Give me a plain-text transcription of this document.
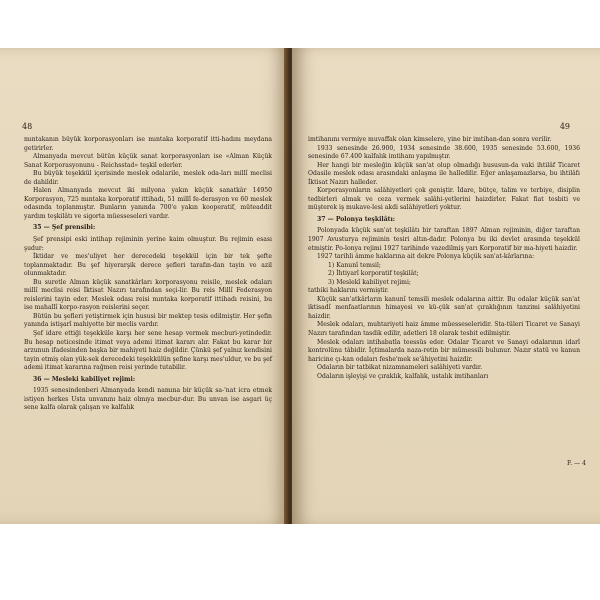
48

mıntakanın büyük korporasyonları ise mıntaka korporatif itti-hadını meydana getirirler.

Almanyada mevcut bütün küçük sanat korporasyonları ise «Alman Küçük Sanat Korporasyonunu - Reichsstad» teşkil ederler.

Bu büyük teşekkül içerisinde meslek odalarile, meslek oda-ları millî meclisi de dahildir.

Halen Almanyada mevcut iki milyona yakın küçük sanatkâr 14950 Korporasyon, 725 mıntaka korporatif ittihadı, 51 millî fe-derasyon ve 60 meslek odasında toplanmıştır. Bunların yanında 700'e yakın kooperatif, müteaddit yardım teşkilâtı ve sigorta müesseseleri vardır.

35 — Şef prensibi:

Şef prensipi eski intihap rejiminin yerine kaim olmuştur. Bu rejimin esası şudur:

İktidar ve mes'uliyet her derecedeki teşekkül için bir tek şefte toplanmaktadır. Bu şef hiyerarşik derece şefleri tarafın-dan tayin ve azil olunmaktadır.

Bu suretle Alman küçük sanatkârları korporasyonu reisile, meslek odaları millî meclisi reisi İktisat Nazırı tarafından seçi-lir. Bu reis Millî Federasyon reislerini tayin eder. Meslek odası reisi mıntaka korporatif ittihadı reisini, bu ise mahallî korpo-rasyon reislerini seçer.

Bütün bu şefleri yetiştirmek için hususi bir mektep tesis edilmiştir. Her şefin yanında istişarî mahiyette bir meclis vardır.

Şef idare ettiği teşekküle karşı her sene hesap vermek mecburi-yetindedir. Bu hesap neticesinde itimat veya ademi itimat kararı alır. Fakat bu karar bir arzunun ifadesinden başka bir mahiyeti haiz değildir. Çünkü şef yalnız kendisini tayin etmiş olan yük-sek derecedeki teşekkülün şefine karşı mes'uldur, ve bu şef ademi itimat kararına rağmen reisi yerinde tutabilir.

36 — Mesleki kabiliyet rejimi:

1935 senesindenberi Almanyada kendi namına bir küçük sa-'nat icra etmek istiyen herkes Usta unvanını haiz olmıya mecbur-dur. Bu unvan ise asgari üç sene kalfa olarak çalışan ve kalfalık

49

imtihanını vermiye muvaffak olan kimselere, yine bir imtihan-dan sonra verilir.

1933 senesinde 26.900, 1934 senesinde 38.600, 1935 senesinde 53.600, 1936 senesinde 67.400 kalfalık imtihanı yapılmıştır.

Her hangi bir mesleğin küçük san'at olup olmadığı hususun-da vaki ihtilâf Ticaret Odasile meslek odası arasındaki anlaşma ile halledilir. Eğer anlaşamazlarsa, bu ihtilâfı İktisat Nazırı halleder.

Korporasyonların salâhiyetleri çok geniştir. İdare, bütçe, talim ve terbiye, disiplin tedbirleri almak ve ceza vermek salâhi-yetlerini haizdirler. Fakat fiat tesbiti ve müşterek iş mukave-lesi akdi salâhiyetleri yoktur.

37 — Polonya teşkilâtı:

Polonyada küçük san'at teşkilâtı bir taraftan 1897 Alman rejiminin, diğer taraftan 1907 Avusturya rejiminin tesiri altın-dadır. Polonya bu iki devlet arasında teşekkül etmiştir. Po-lonya rejimi 1927 tarihinde vazedilmiş yarı Korporatif bir ma-hiyeti haizdir.

1927 tarihli âmme haklarına ait dekre Polonya küçük san'at-kârlarına:

1) Kanunî temsil;

2) İhtiyarî korporatif teşkilât;

3) Meslekî kabiliyet rejimi;

tatbiki haklarını vermiştir.

Küçük san'atkârların kanunî temsili meslek odalarına aittir. Bu odalar küçük san'at iktisadî menfaatlarının himayesi ve kü-çük san'at çıraklığının tanzimi salâhiyetini haizdir.

Meslek odaları, muhtariyeti haiz âmme müesseseleridir. Sta-tüleri Ticaret ve Sanayi Nazırı tarafından tasdik edilir, adetleri 18 olarak tesbit edilmiştir.

Meslek odaları intihabatla teessüs eder. Odalar Ticaret ve Sanayi odalarının idarî kontrolünu tâbidir. İçtimalarda naza-retin bir mümessili bulunur. Nazır statü ve kanun haricine çı-kan odaları feshe'mek se'âhiyetini haizdir.

Odaların bir tatbikat nizamnameleri salâhiyeti vardır.

Odaların işleyişi ve çıraklık, kalfalık, ustalık imtihanları

F. — 4
